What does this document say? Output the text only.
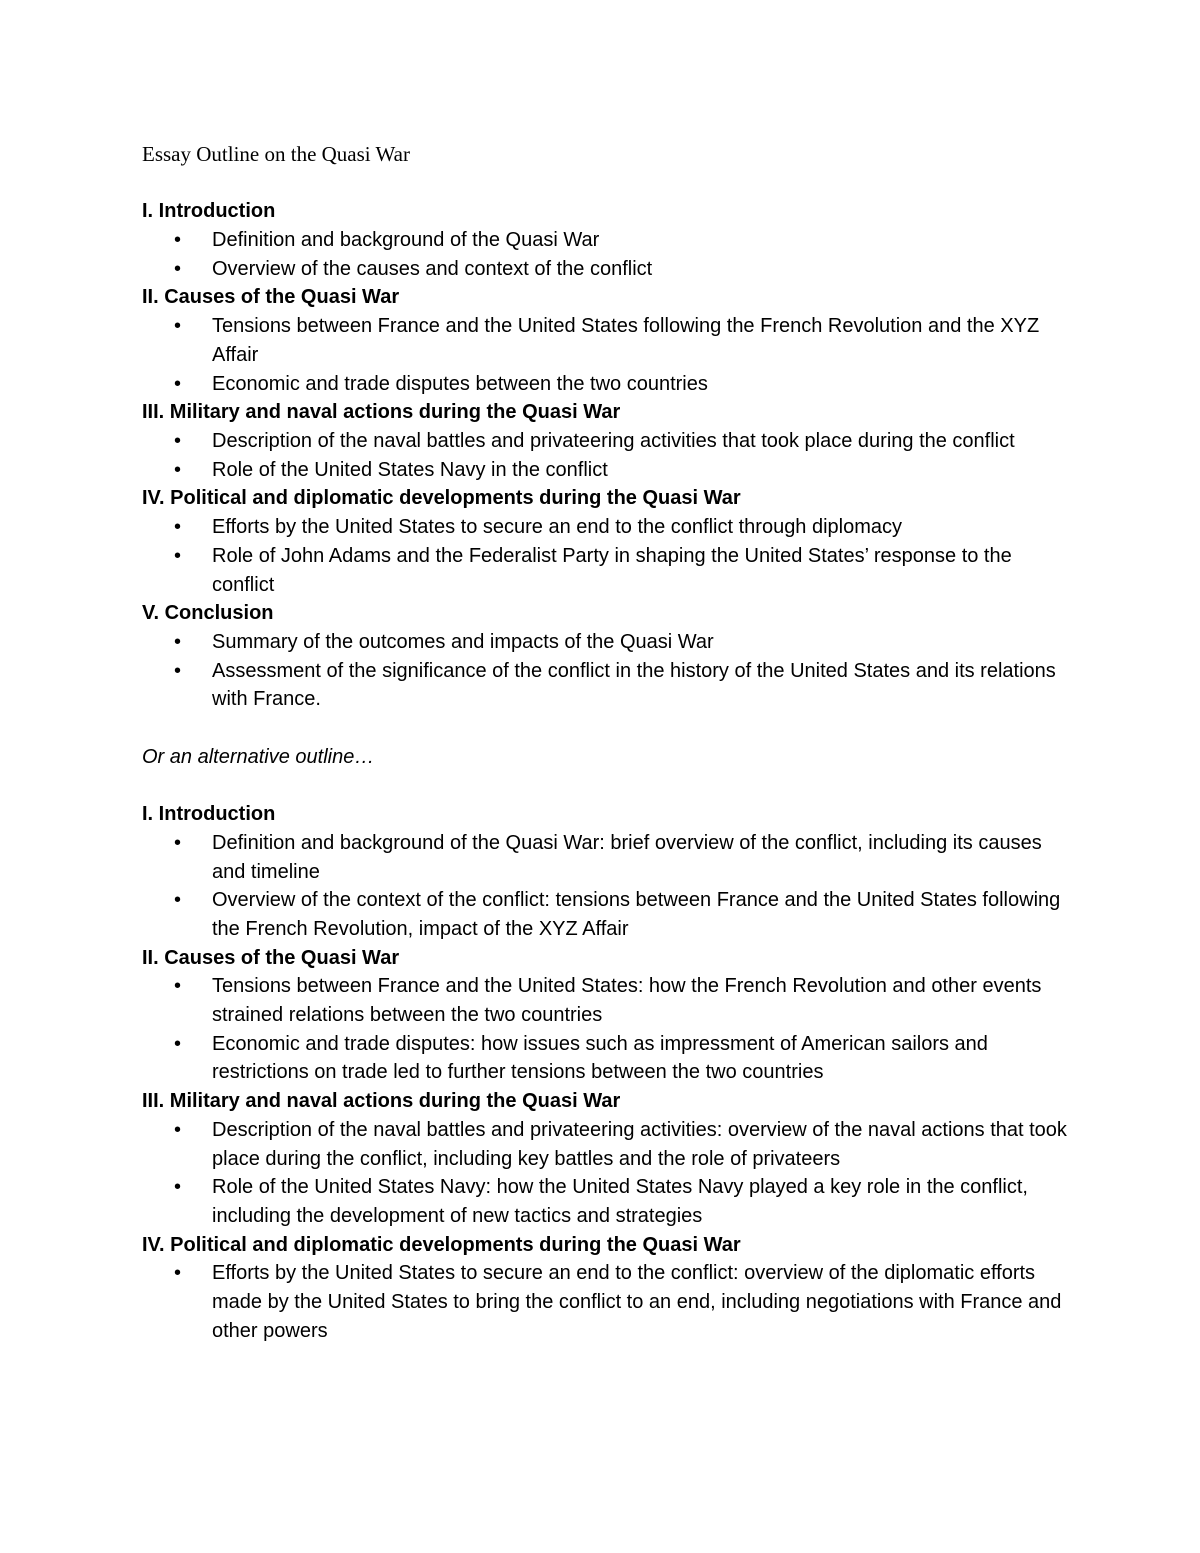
Essay Outline on the Quasi War
I. Introduction
•	Definition and background of the Quasi War
•	Overview of the causes and context of the conflict
II. Causes of the Quasi War
•	Tensions between France and the United States following the French Revolution and the XYZ Affair
•	Economic and trade disputes between the two countries
III. Military and naval actions during the Quasi War
•	Description of the naval battles and privateering activities that took place during the conflict
•	Role of the United States Navy in the conflict
IV. Political and diplomatic developments during the Quasi War
•	Efforts by the United States to secure an end to the conflict through diplomacy
•	Role of John Adams and the Federalist Party in shaping the United States’ response to the conflict
V. Conclusion
•	Summary of the outcomes and impacts of the Quasi War
•	Assessment of the significance of the conflict in the history of the United States and its relations with France.
Or an alternative outline…
I. Introduction
•	Definition and background of the Quasi War: brief overview of the conflict, including its causes and timeline
•	Overview of the context of the conflict: tensions between France and the United States following the French Revolution, impact of the XYZ Affair
II. Causes of the Quasi War
•	Tensions between France and the United States: how the French Revolution and other events strained relations between the two countries
•	Economic and trade disputes: how issues such as impressment of American sailors and restrictions on trade led to further tensions between the two countries
III. Military and naval actions during the Quasi War
•	Description of the naval battles and privateering activities: overview of the naval actions that took place during the conflict, including key battles and the role of privateers
•	Role of the United States Navy: how the United States Navy played a key role in the conflict, including the development of new tactics and strategies
IV. Political and diplomatic developments during the Quasi War
•	Efforts by the United States to secure an end to the conflict: overview of the diplomatic efforts made by the United States to bring the conflict to an end, including negotiations with France and other powers
